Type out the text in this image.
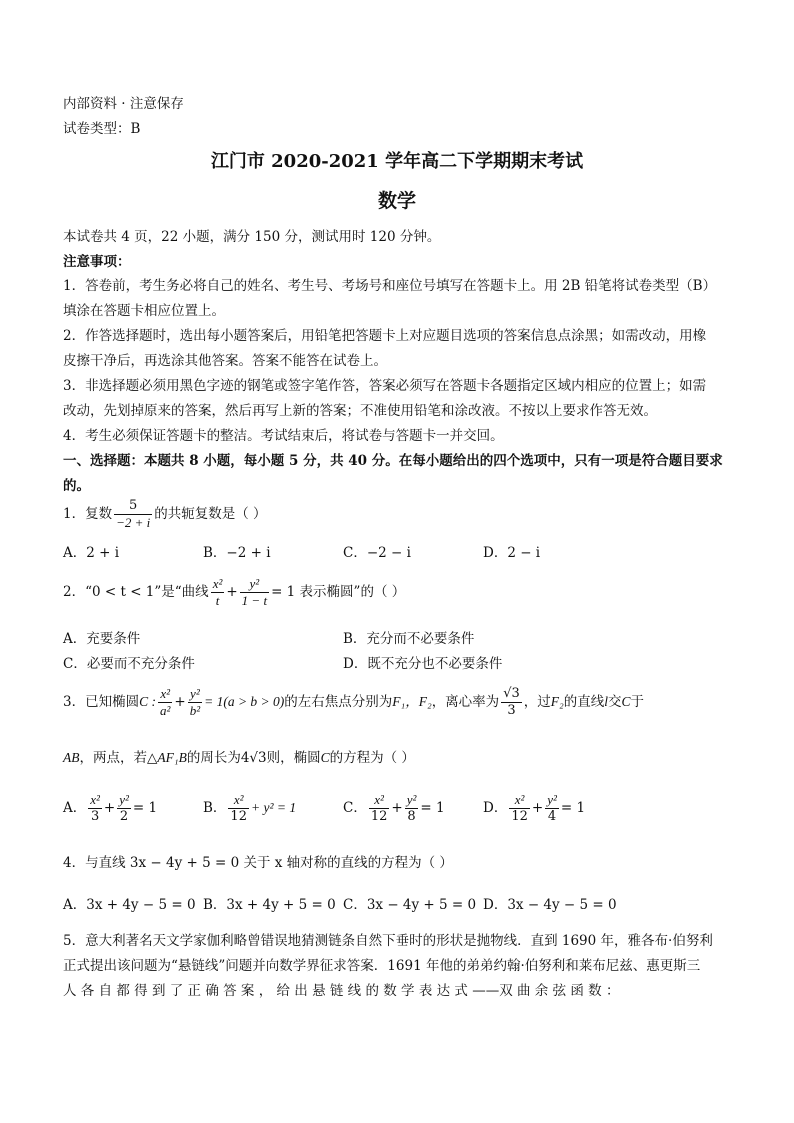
内部资料 · 注意保存
试卷类型：B
江门市 2020-2021 学年高二下学期期末考试
数学
本试卷共 4 页，22 小题，满分 150 分，测试用时 120 分钟。
注意事项：
1．答卷前，考生务必将自己的姓名、考生号、考场号和座位号填写在答题卡上。用 2B 铅笔将试卷类型（B）
填涂在答题卡相应位置上。
2．作答选择题时，选出每小题答案后，用铅笔把答题卡上对应题目选项的答案信息点涂黑；如需改动，用橡
皮擦干净后，再选涂其他答案。答案不能答在试卷上。
3．非选择题必须用黑色字迹的钢笔或签字笔作答，答案必须写在答题卡各题指定区域内相应的位置上；如需
改动，先划掉原来的答案，然后再写上新的答案；不准使用铅笔和涂改液。不按以上要求作答无效。
4．考生必须保证答题卡的整洁。考试结束后，将试卷与答题卡一并交回。
一、选择题：本题共 8 小题，每小题 5 分，共 40 分。在每小题给出的四个选项中，只有一项是符合题目要求
的。
1．复数 $\frac{5}{-2 + i}$ 的共轭复数是（ ）
A．2 + i	B．−2 + i	C．−2 − i	D．2 − i
2．“0 < t < 1”是“曲线 $\frac{\text{x²}}{t} + \frac{\text{y²}}{1 - t} = 1$ 表示椭圆”的（ ）
A．充要条件	B．充分而不必要条件
C．必要而不充分条件	D．既不充分也不必要条件
3．已知椭圆C : $\frac{\text{x²}}{\text{a²}} + \frac{\text{y²}}{\text{b²}} = 1(a > b > 0)$的左右焦点分别为F₁，F₂，离心率为 $\frac{√3}{3}$ ，过F₂的直线l交C于
AB，两点，若△AF₁B的周长为4√3则，椭圆C的方程为（ ）
A． $\frac{\text{x²}}{3} + \frac{\text{y²}}{2} = 1$	B． $\frac{\text{x²}}{12} + y^2 = 1$	C． $\frac{\text{x²}}{12} + \frac{\text{y²}}{8} = 1$	D． $\frac{\text{x²}}{12} + \frac{\text{y²}}{4} = 1$
4．与直线 3x − 4y + 5 = 0 关于 x 轴对称的直线的方程为（ ）
A．3x + 4y − 5 = 0 B．3x + 4y + 5 = 0 C．3x − 4y + 5 = 0 D．3x − 4y − 5 = 0
5．意大利著名天文学家伽利略曾错误地猜测链条自然下垂时的形状是抛物线．直到 1690 年，雅各布·伯努利
正式提出该问题为“悬链线”问题并向数学界征求答案．1691 年他的弟弟约翰·伯努利和莱布尼兹、惠更斯三
人 各 自 都 得 到 了 正 确 答 案 ， 给 出 悬 链 线 的 数 学 表 达 式 ——双 曲 余 弦 函 数 ：
